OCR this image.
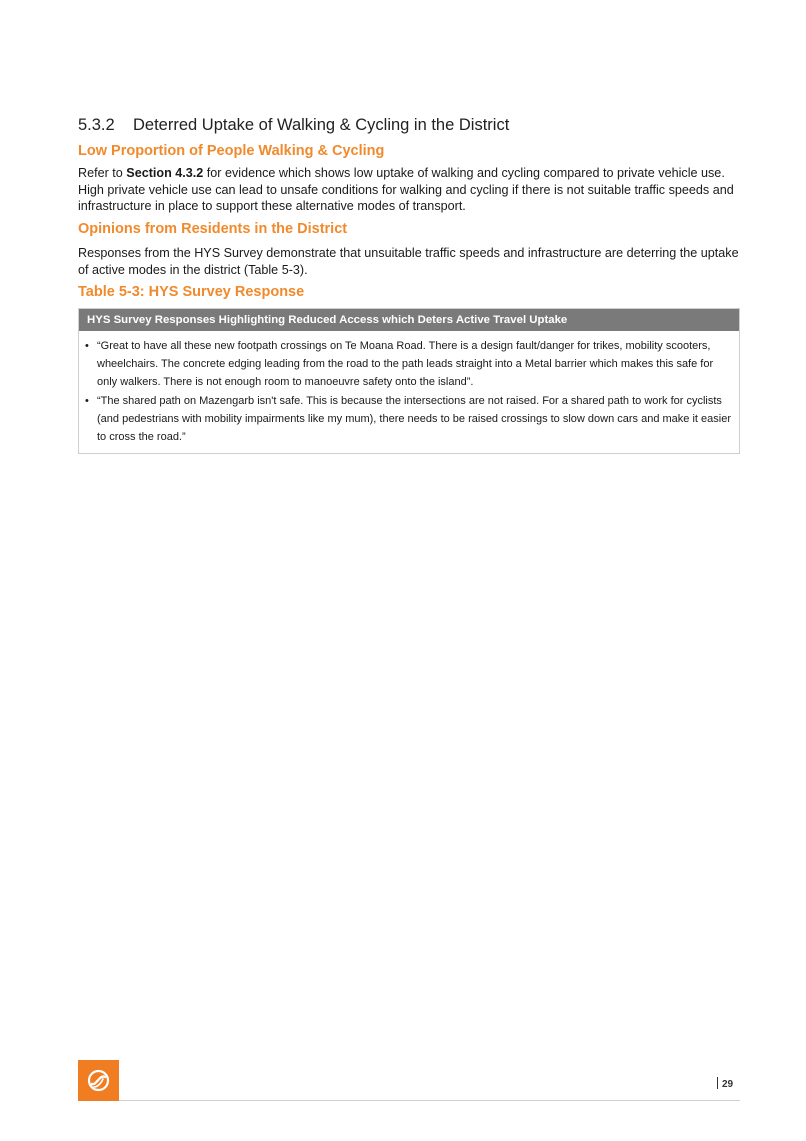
5.3.2 Deterred Uptake of Walking & Cycling in the District
Low Proportion of People Walking & Cycling
Refer to Section 4.3.2 for evidence which shows low uptake of walking and cycling compared to private vehicle use. High private vehicle use can lead to unsafe conditions for walking and cycling if there is not suitable traffic speeds and infrastructure in place to support these alternative modes of transport.
Opinions from Residents in the District
Responses from the HYS Survey demonstrate that unsuitable traffic speeds and infrastructure are deterring the uptake of active modes in the district (Table 5-3).
Table 5-3: HYS Survey Response
HYS Survey Responses Highlighting Reduced Access which Deters Active Travel Uptake
• “Great to have all these new footpath crossings on Te Moana Road. There is a design fault/danger for trikes, mobility scooters, wheelchairs. The concrete edging leading from the road to the path leads straight into a Metal barrier which makes this safe for only walkers. There is not enough room to manoeuvre safety onto the island”.
• “The shared path on Mazengarb isn't safe. This is because the intersections are not raised. For a shared path to work for cyclists (and pedestrians with mobility impairments like my mum), there needs to be raised crossings to slow down cars and make it easier to cross the road.”
29
